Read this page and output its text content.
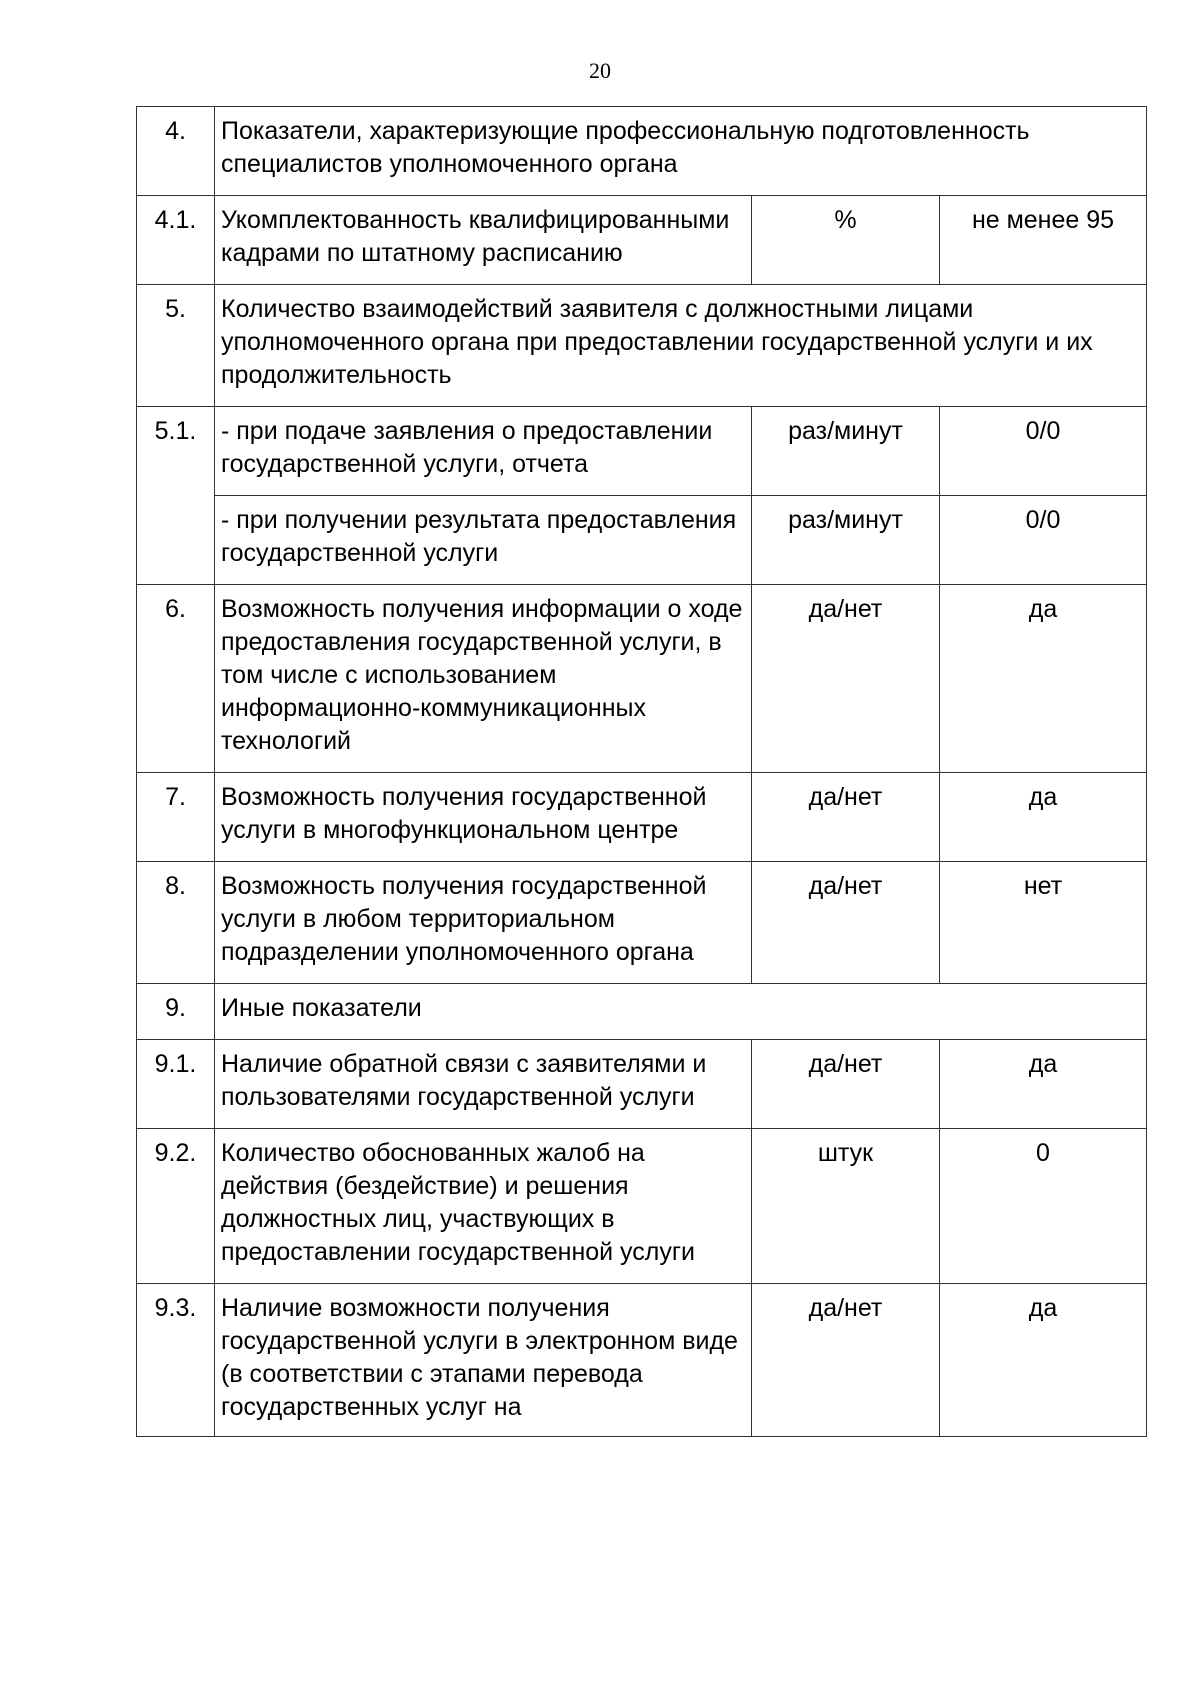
20
4.	Показатели, характеризующие профессиональную подготовленность специалистов уполномоченного органа		
4.1.	Укомплектованность квалифицированными кадрами по штатному расписанию	%	не менее 95
5.	Количество взаимодействий заявителя с должностными лицами уполномоченного органа при предоставлении государственной услуги и их продолжительность		
5.1.	- при подаче заявления о предоставлении государственной услуги, отчета	раз/минут	0/0
	- при получении результата предоставления государственной услуги	раз/минут	0/0
6.	Возможность получения информации о ходе предоставления государственной услуги, в том числе с использованием информационно-коммуникационных технологий	да/нет	да
7.	Возможность получения государственной услуги в многофункциональном центре	да/нет	да
8.	Возможность получения государственной услуги в любом территориальном подразделении уполномоченного органа	да/нет	нет
9.	Иные показатели		
9.1.	Наличие обратной связи с заявителями и пользователями государственной услуги	да/нет	да
9.2.	Количество обоснованных жалоб на действия (бездействие) и решения должностных лиц, участвующих в предоставлении государственной услуги	штук	0
9.3.	Наличие возможности получения государственной услуги в электронном виде (в соответствии с этапами перевода государственных услуг на	да/нет	да
